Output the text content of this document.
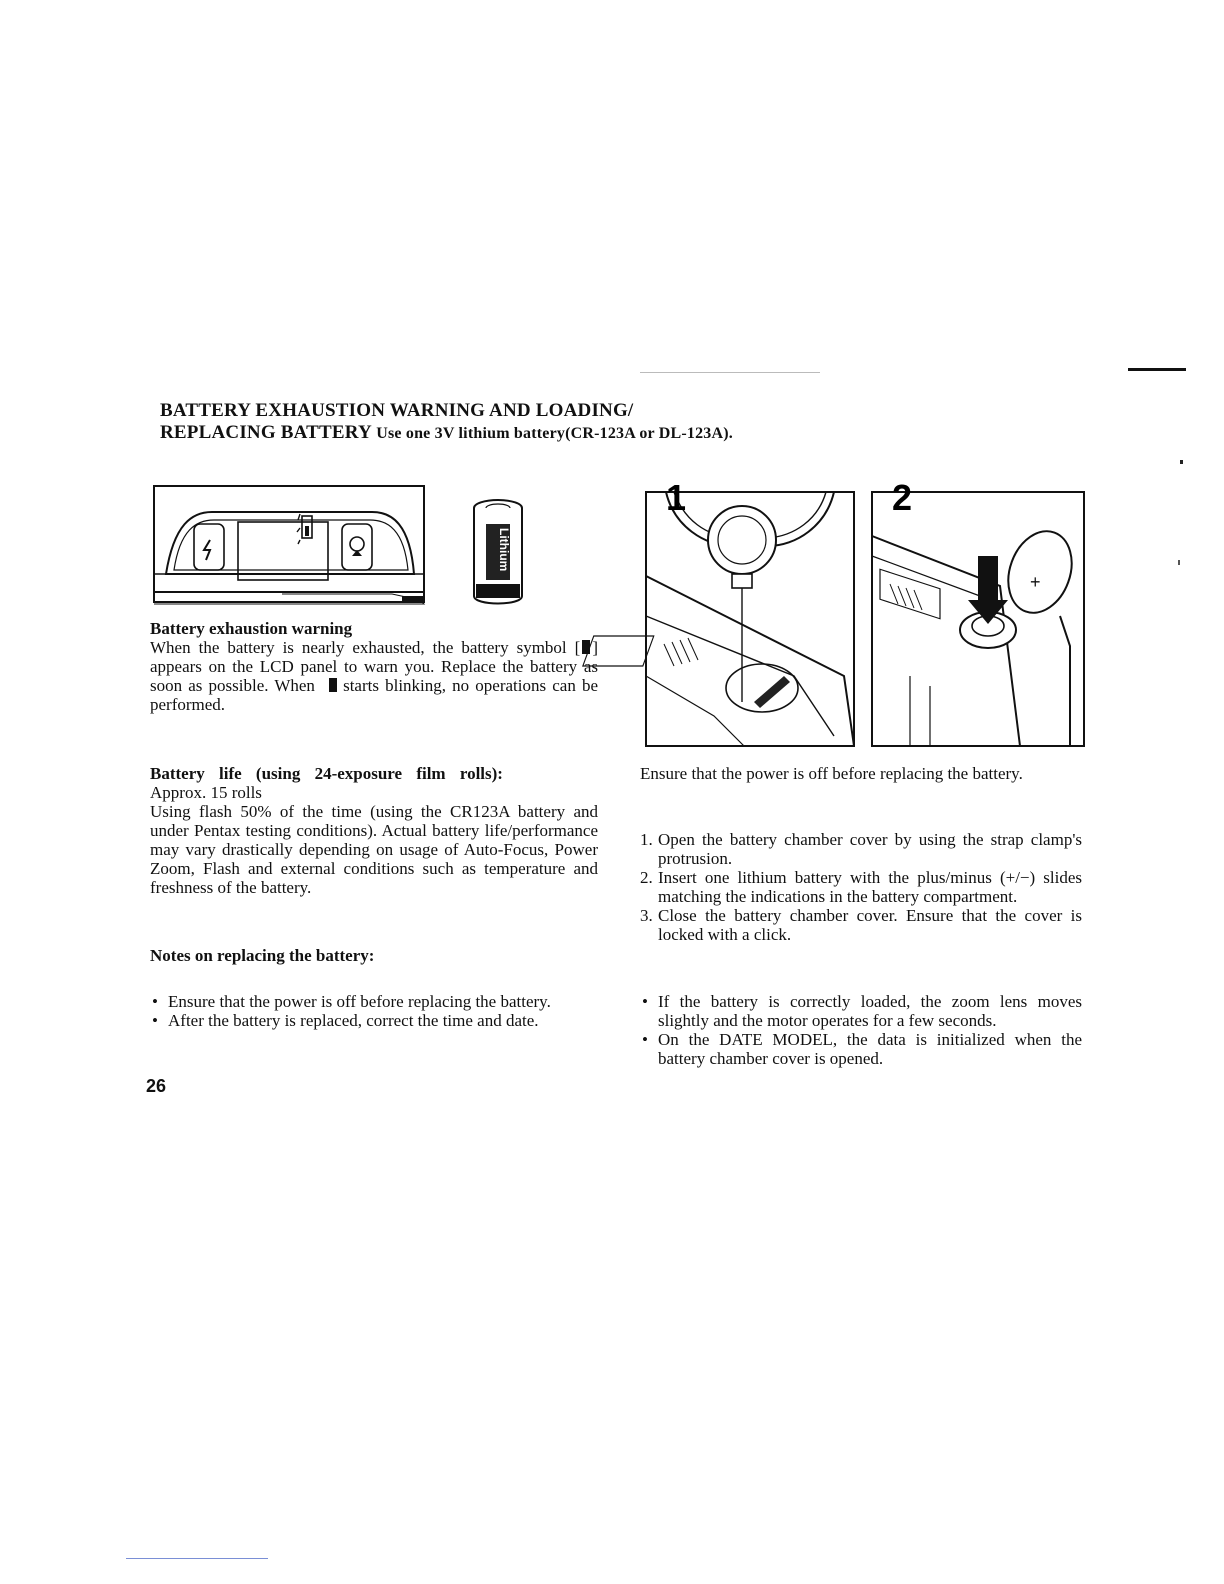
BATTERY EXHAUSTION WARNING AND LOADING/
REPLACING BATTERY Use one 3V lithium battery(CR-123A or DL-123A).
Lithium
1
+
2

Battery exhaustion warning

When the battery is nearly exhausted, the battery symbol [ ] appears on the LCD panel to warn you. Replace the battery as soon as possible. When starts blinking, no operations can be performed.

Battery life (using 24-exposure film rolls):

Approx. 15 rolls

Using flash 50% of the time (using the CR123A battery and under Pentax testing conditions). Actual battery life/performance may vary drastically depending on usage of Auto-Focus, Power Zoom, Flash and external conditions such as temperature and freshness of the battery.

Notes on replacing the battery:

• Ensure that the power is off before replacing the battery.
• After the battery is replaced, correct the time and date.
26

Ensure that the power is off before replacing the battery.

1. Open the battery chamber cover by using the strap clamp's protrusion.
2. Insert one lithium battery with the plus/minus (+/−) slides matching the indications in the battery compartment.
3. Close the battery chamber cover. Ensure that the cover is locked with a click.
• If the battery is correctly loaded, the zoom lens moves slightly and the motor operates for a few seconds.
• On the DATE MODEL, the data is initialized when the battery chamber cover is opened.
